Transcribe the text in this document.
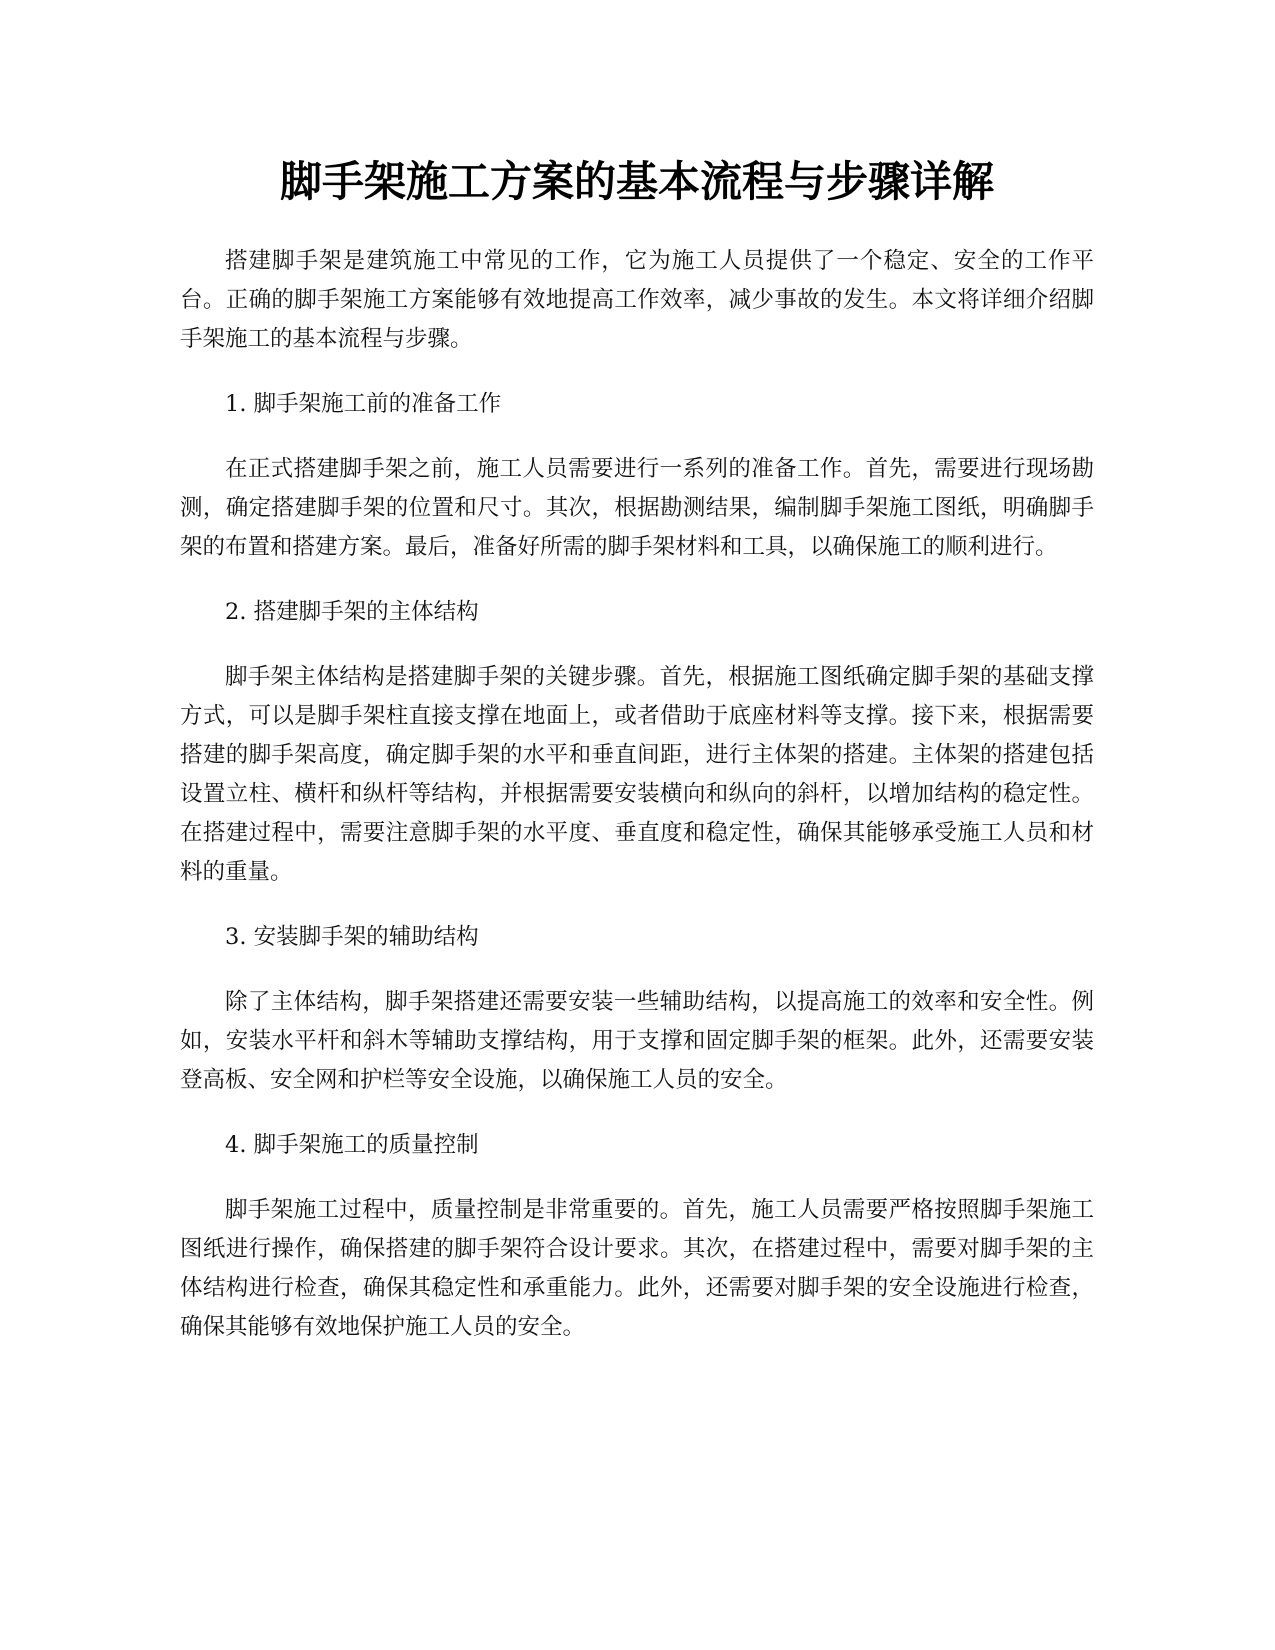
脚手架施工方案的基本流程与步骤详解

搭建脚手架是建筑施工中常见的工作，它为施工人员提供了一个稳定、安全的工作平台。正确的脚手架施工方案能够有效地提高工作效率，减少事故的发生。本文将详细介绍脚手架施工的基本流程与步骤。

1. 脚手架施工前的准备工作

在正式搭建脚手架之前，施工人员需要进行一系列的准备工作。首先，需要进行现场勘测，确定搭建脚手架的位置和尺寸。其次，根据勘测结果，编制脚手架施工图纸，明确脚手架的布置和搭建方案。最后，准备好所需的脚手架材料和工具，以确保施工的顺利进行。

2. 搭建脚手架的主体结构

脚手架主体结构是搭建脚手架的关键步骤。首先，根据施工图纸确定脚手架的基础支撑方式，可以是脚手架柱直接支撑在地面上，或者借助于底座材料等支撑。接下来，根据需要搭建的脚手架高度，确定脚手架的水平和垂直间距，进行主体架的搭建。主体架的搭建包括设置立柱、横杆和纵杆等结构，并根据需要安装横向和纵向的斜杆，以增加结构的稳定性。在搭建过程中，需要注意脚手架的水平度、垂直度和稳定性，确保其能够承受施工人员和材料的重量。

3. 安装脚手架的辅助结构

除了主体结构，脚手架搭建还需要安装一些辅助结构，以提高施工的效率和安全性。例如，安装水平杆和斜木等辅助支撑结构，用于支撑和固定脚手架的框架。此外，还需要安装登高板、安全网和护栏等安全设施，以确保施工人员的安全。

4. 脚手架施工的质量控制

脚手架施工过程中，质量控制是非常重要的。首先，施工人员需要严格按照脚手架施工图纸进行操作，确保搭建的脚手架符合设计要求。其次，在搭建过程中，需要对脚手架的主体结构进行检查，确保其稳定性和承重能力。此外，还需要对脚手架的安全设施进行检查，确保其能够有效地保护施工人员的安全。
